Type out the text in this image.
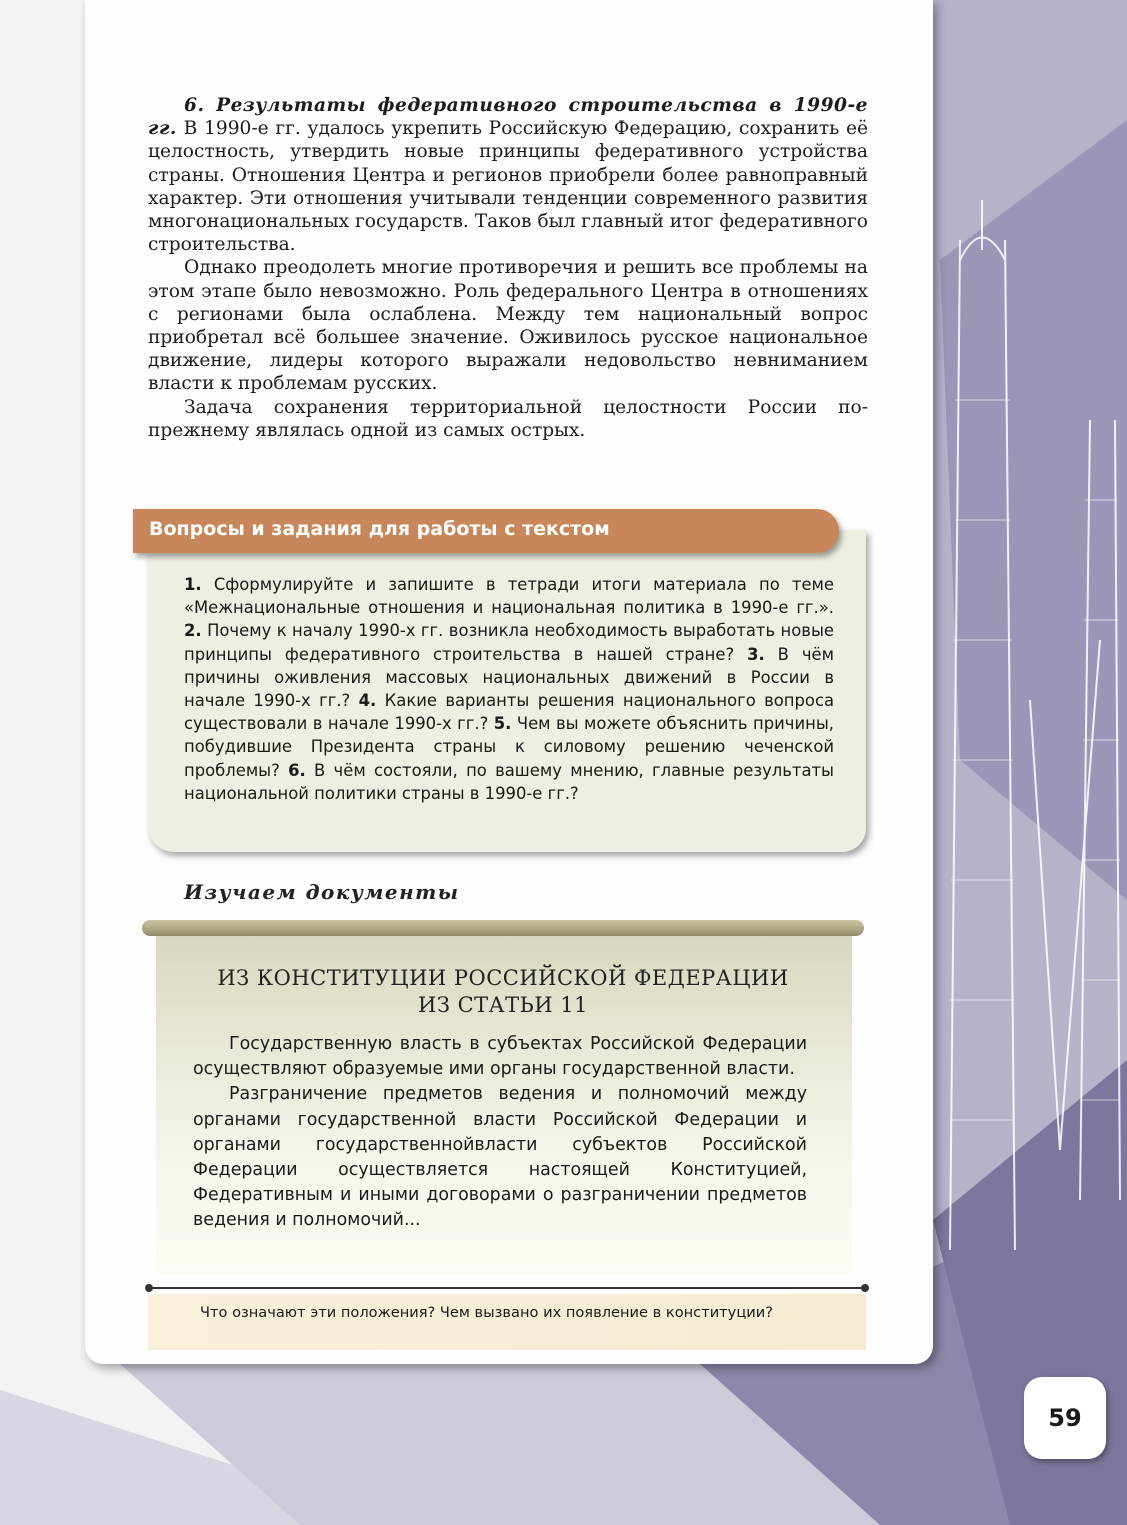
6. Результаты федеративного строительства в 1990-е гг. В 1990-е гг. удалось укрепить Российскую Федерацию, сохранить её целостность, утвердить новые принципы федеративного устройства страны. Отношения Центра и регионов приобрели более равноправный характер. Эти отношения учитывали тенденции современного развития многонациональных государств. Таков был главный итог федеративного строительства.

Однако преодолеть многие противоречия и решить все проблемы на этом этапе было невозможно. Роль федерального Центра в отношениях с регионами была ослаблена. Между тем национальный вопрос приобретал всё большее значение. Оживилось русское национальное движение, лидеры которого выражали недовольство невниманием власти к проблемам русских.

Задача сохранения территориальной целостности России по-прежнему являлась одной из самых острых.

Вопросы и задания для работы с текстом
1. Сформулируйте и запишите в тетради итоги материала по теме «Межнациональные отношения и национальная политика в 1990-е гг.». 2. Почему к началу 1990-х гг. возникла необходимость выработать новые принципы федеративного строительства в нашей стране? 3. В чём причины оживления массовых национальных движений в России в начале 1990-х гг.? 4. Какие варианты решения национального вопроса существовали в начале 1990-х гг.? 5. Чем вы можете объяснить причины, побудившие Президента страны к силовому решению чеченской проблемы? 6. В чём состояли, по вашему мнению, главные результаты национальной политики страны в 1990-е гг.?
Изучаем документы
ИЗ КОНСТИТУЦИИ РОССИЙСКОЙ ФЕДЕРАЦИИ
ИЗ СТАТЬИ 11

Государственную власть в субъектах Российской Федерации осуществляют образуемые ими органы государственной власти.

Разграничение предметов ведения и полномочий между органами государственной власти Российской Федерации и органами государственнойвласти субъектов Российской Федерации осуществляется настоящей Конституцией, Федеративным и иными договорами о разграничении предметов ведения и полномочий...

Что означают эти положения? Чем вызвано их появление в конституции?
59
